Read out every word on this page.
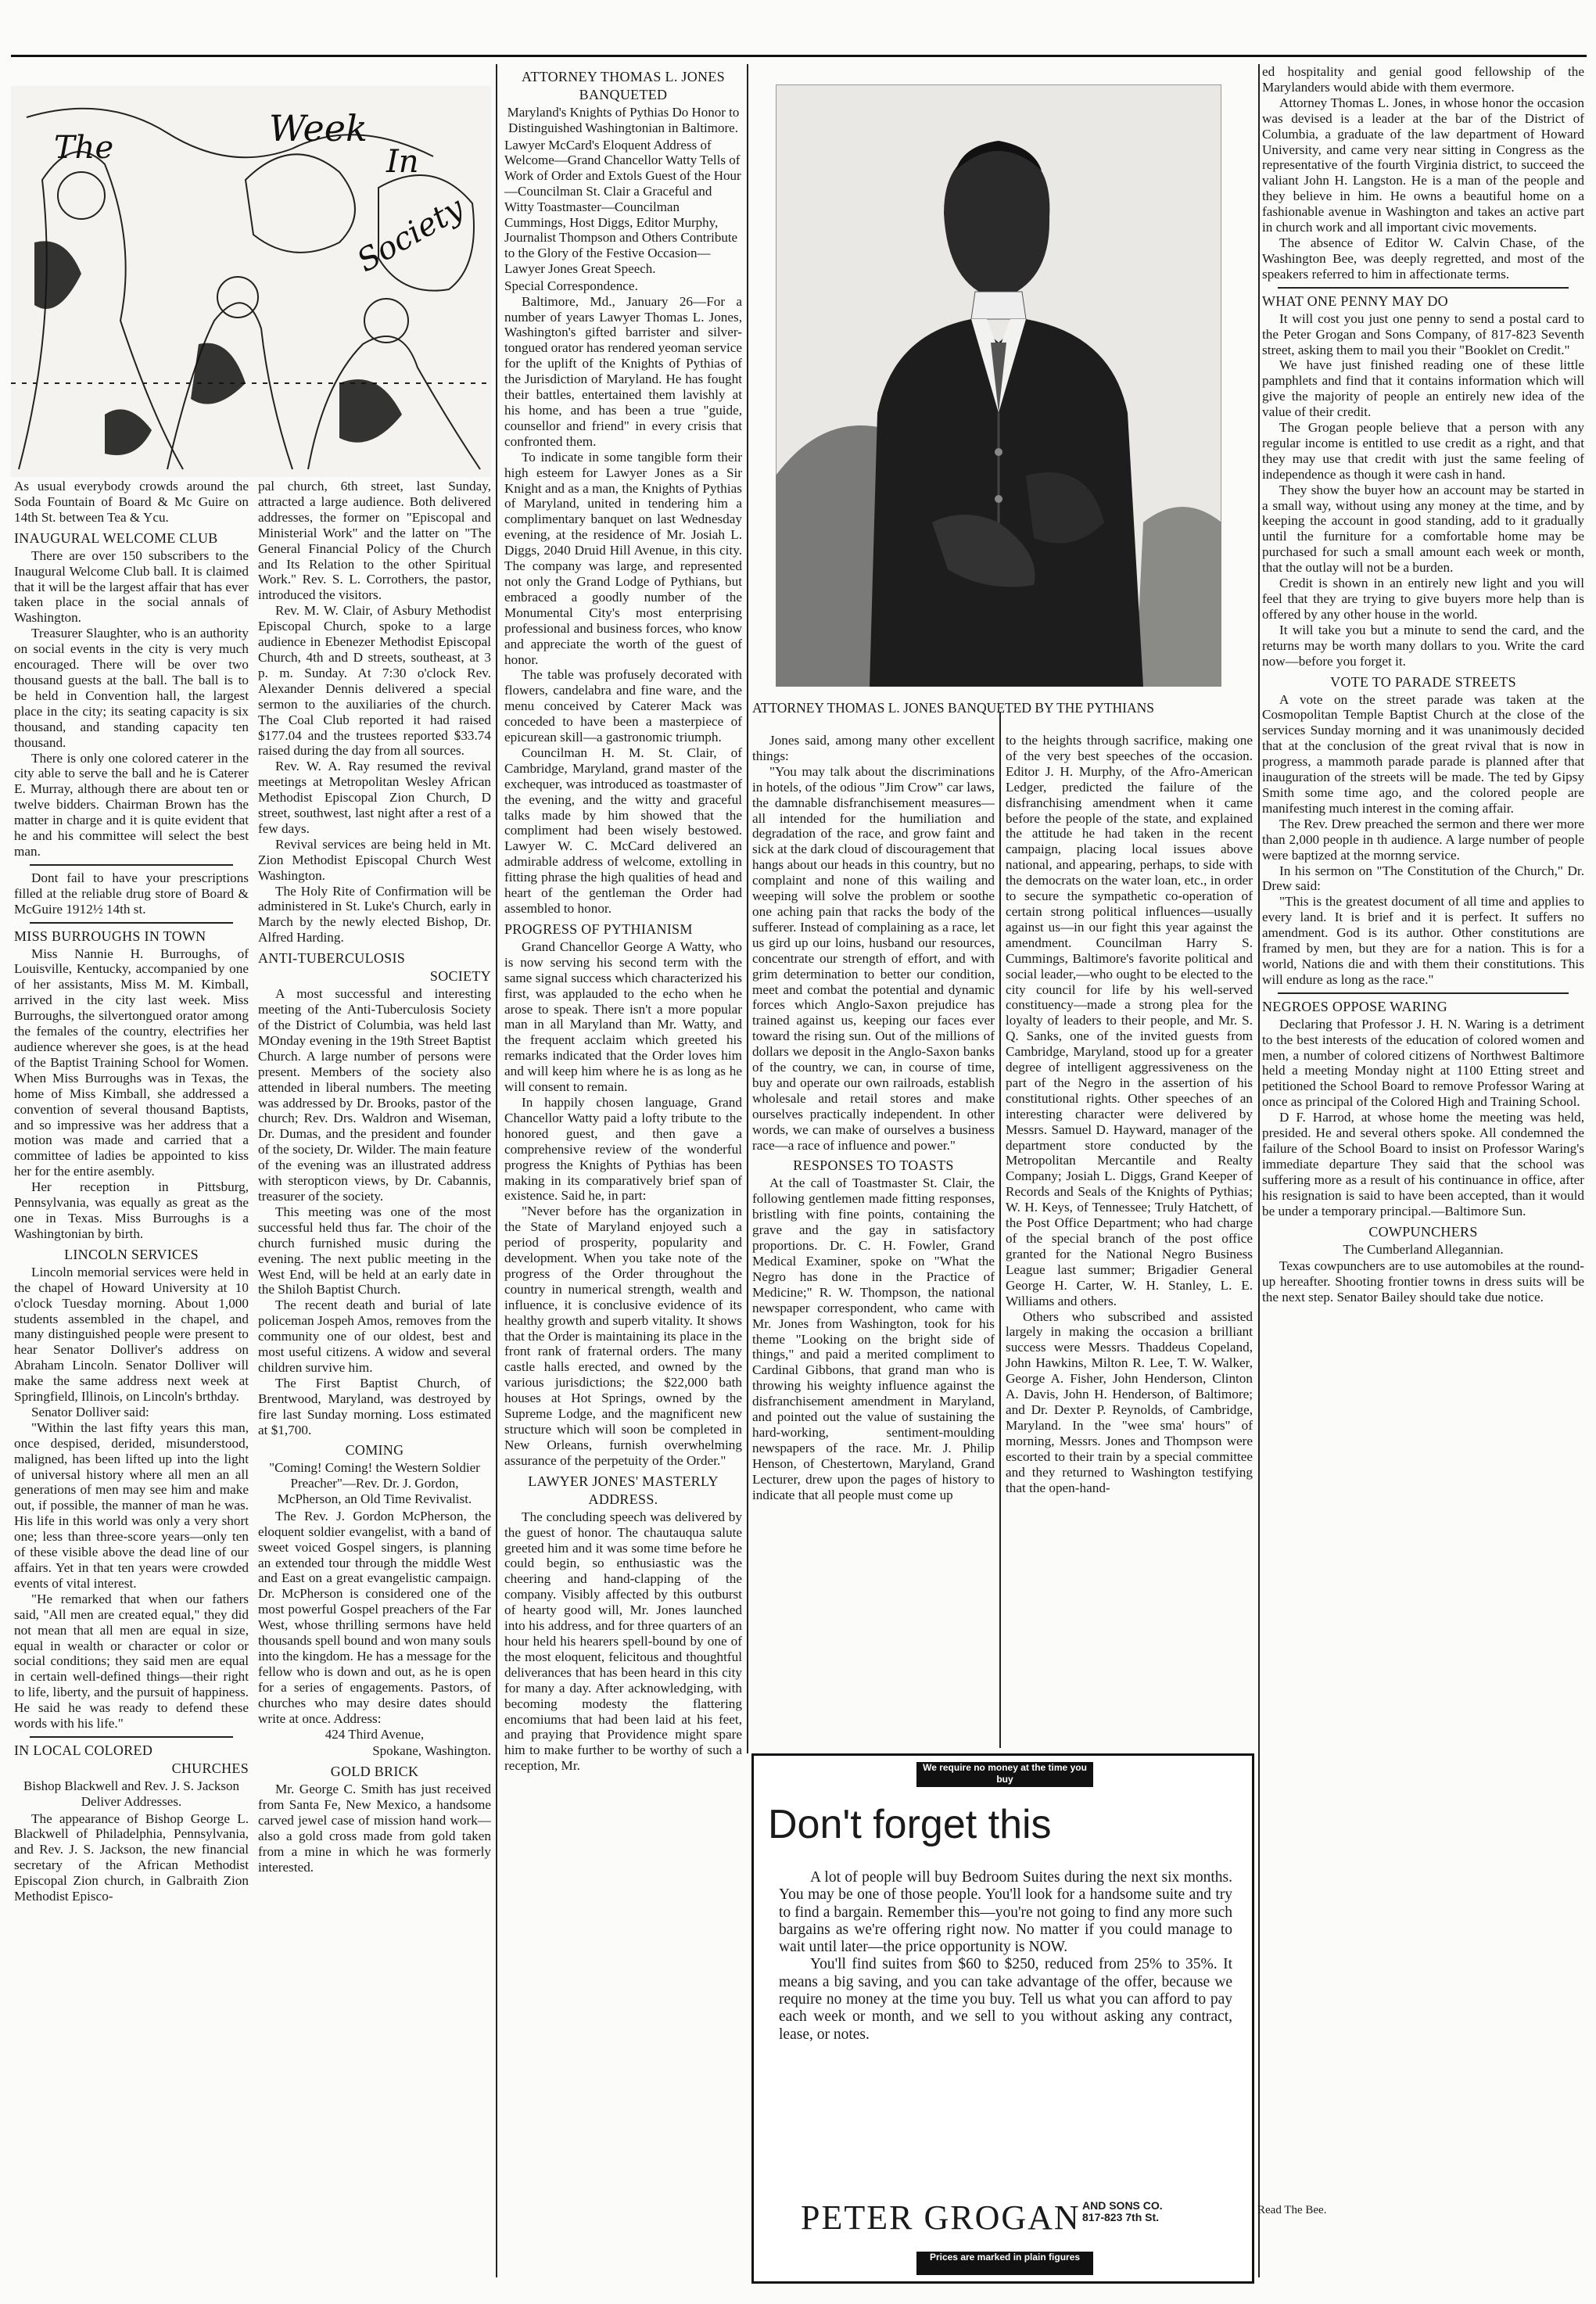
The	Week
In
Society

As usual everybody crowds around the Soda Fountain of Board & Mc Guire on 14th St. between Tea & Ycu.

INAUGURAL WELCOME CLUB

There are over 150 subscribers to the Inaugural Welcome Club ball. It is claimed that it will be the largest affair that has ever taken place in the social annals of Washington.

Treasurer Slaughter, who is an authority on social events in the city is very much encouraged. There will be over two thousand guests at the ball. The ball is to be held in Convention hall, the largest place in the city; its seating capacity is six thousand, and standing capacity ten thousand.

There is only one colored caterer in the city able to serve the ball and he is Caterer E. Murray, although there are about ten or twelve bidders. Chairman Brown has the matter in charge and it is quite evident that he and his committee will select the best man.

Dont fail to have your prescriptions filled at the reliable drug store of Board & McGuire 1912½ 14th st.

MISS BURROUGHS IN TOWN

Miss Nannie H. Burroughs, of Louisville, Kentucky, accompanied by one of her assistants, Miss M. M. Kimball, arrived in the city last week. Miss Burroughs, the silvertongued orator among the females of the country, electrifies her audience wherever she goes, is at the head of the Baptist Training School for Women. When Miss Burroughs was in Texas, the home of Miss Kimball, she addressed a convention of several thousand Baptists, and so impressive was her address that a motion was made and carried that a committee of ladies be appointed to kiss her for the entire asembly.

Her reception in Pittsburg, Pennsylvania, was equally as great as the one in Texas. Miss Burroughs is a Washingtonian by birth.

LINCOLN SERVICES

Lincoln memorial services were held in the chapel of Howard University at 10 o'clock Tuesday morning. About 1,000 students assembled in the chapel, and many distinguished people were present to hear Senator Dolliver's address on Abraham Lincoln. Senator Dolliver will make the same address next week at Springfield, Illinois, on Lincoln's brthday.

Senator Dolliver said:

"Within the last fifty years this man, once despised, derided, misunderstood, maligned, has been lifted up into the light of universal history where all men an all generations of men may see him and make out, if possible, the manner of man he was. His life in this world was only a very short one; less than three-score years—only ten of these visible above the dead line of our affairs. Yet in that ten years were crowded events of vital interest.

"He remarked that when our fathers said, "All men are created equal," they did not mean that all men are equal in size, equal in wealth or character or color or social conditions; they said men are equal in certain well-defined things—their right to life, liberty, and the pursuit of happiness. He said he was ready to defend these words with his life."

IN LOCAL COLORED
CHURCHES
Bishop Blackwell and Rev. J. S. Jackson Deliver Addresses.

The appearance of Bishop George L. Blackwell of Philadelphia, Pennsylvania, and Rev. J. S. Jackson, the new financial secretary of the African Methodist Episcopal Zion church, in Galbraith Zion Methodist Episco-

pal church, 6th street, last Sunday, attracted a large audience. Both delivered addresses, the former on "Episcopal and Ministerial Work" and the latter on "The General Financial Policy of the Church and Its Relation to the other Spiritual Work." Rev. S. L. Corrothers, the pastor, introduced the visitors.

Rev. M. W. Clair, of Asbury Methodist Episcopal Church, spoke to a large audience in Ebenezer Methodist Episcopal Church, 4th and D streets, southeast, at 3 p. m. Sunday. At 7:30 o'clock Rev. Alexander Dennis delivered a special sermon to the auxiliaries of the church. The Coal Club reported it had raised $177.04 and the trustees reported $33.74 raised during the day from all sources.

Rev. W. A. Ray resumed the revival meetings at Metropolitan Wesley African Methodist Episcopal Zion Church, D street, southwest, last night after a rest of a few days.

Revival services are being held in Mt. Zion Methodist Episcopal Church West Washington.

The Holy Rite of Confirmation will be administered in St. Luke's Church, early in March by the newly elected Bishop, Dr. Alfred Harding.

ANTI-TUBERCULOSIS
SOCIETY

A most successful and interesting meeting of the Anti-Tuberculosis Society of the District of Columbia, was held last MOnday evening in the 19th Street Baptist Church. A large number of persons were present. Members of the society also attended in liberal numbers. The meeting was addressed by Dr. Brooks, pastor of the church; Rev. Drs. Waldron and Wiseman, Dr. Dumas, and the president and founder of the society, Dr. Wilder. The main feature of the evening was an illustrated address with steropticon views, by Dr. Cabannis, treasurer of the society.

This meeting was one of the most successful held thus far. The choir of the church furnished music during the evening. The next public meeting in the West End, will be held at an early date in the Shiloh Baptist Church.

The recent death and burial of late policeman Jospeh Amos, removes from the community one of our oldest, best and most useful citizens. A widow and several children survive him.

The First Baptist Church, of Brentwood, Maryland, was destroyed by fire last Sunday morning. Loss estimated at $1,700.

COMING
"Coming! Coming! the Western Soldier Preacher"—Rev. Dr. J. Gordon, McPherson, an Old Time Revivalist.

The Rev. J. Gordon McPherson, the eloquent soldier evangelist, with a band of sweet voiced Gospel singers, is planning an extended tour through the middle West and East on a great evangelistic campaign. Dr. McPherson is considered one of the most powerful Gospel preachers of the Far West, whose thrilling sermons have held thousands spell bound and won many souls into the kingdom. He has a message for the fellow who is down and out, as he is open for a series of engagements. Pastors, of churches who may desire dates should write at once. Address:

424 Third Avenue,
Spokane, Washington.
GOLD BRICK

Mr. George C. Smith has just received from Santa Fe, New Mexico, a handsome carved jewel case of mission hand work—also a gold cross made from gold taken from a mine in which he was formerly interested.

ATTORNEY THOMAS L. JONES
BANQUETED
Maryland's Knights of Pythias Do Honor to Distinguished Washingtonian in Baltimore.
Lawyer McCard's Eloquent Address of Welcome—Grand Chancellor Watty Tells of Work of Order and Extols Guest of the Hour—Councilman St. Clair a Graceful and Witty Toastmaster—Councilman Cummings, Host Diggs, Editor Murphy, Journalist Thompson and Others Contribute to the Glory of the Festive Occasion—Lawyer Jones Great Speech.

Special Correspondence.

Baltimore, Md., January 26—For a number of years Lawyer Thomas L. Jones, Washington's gifted barrister and silver-tongued orator has rendered yeoman service for the uplift of the Knights of Pythias of the Jurisdiction of Maryland. He has fought their battles, entertained them lavishly at his home, and has been a true "guide, counsellor and friend" in every crisis that confronted them.

To indicate in some tangible form their high esteem for Lawyer Jones as a Sir Knight and as a man, the Knights of Pythias of Maryland, united in tendering him a complimentary banquet on last Wednesday evening, at the residence of Mr. Josiah L. Diggs, 2040 Druid Hill Avenue, in this city. The company was large, and represented not only the Grand Lodge of Pythians, but embraced a goodly number of the Monumental City's most enterprising professional and business forces, who know and appreciate the worth of the guest of honor.

The table was profusely decorated with flowers, candelabra and fine ware, and the menu conceived by Caterer Mack was conceded to have been a masterpiece of epicurean skill—a gastronomic triumph.

Councilman H. M. St. Clair, of Cambridge, Maryland, grand master of the exchequer, was introduced as toastmaster of the evening, and the witty and graceful talks made by him showed that the compliment had been wisely bestowed. Lawyer W. C. McCard delivered an admirable address of welcome, extolling in fitting phrase the high qualities of head and heart of the gentleman the Order had assembled to honor.

PROGRESS OF PYTHIANISM

Grand Chancellor George A Watty, who is now serving his second term with the same signal success which characterized his first, was applauded to the echo when he arose to speak. There isn't a more popular man in all Maryland than Mr. Watty, and the frequent acclaim which greeted his remarks indicated that the Order loves him and will keep him where he is as long as he will consent to remain.

In happily chosen language, Grand Chancellor Watty paid a lofty tribute to the honored guest, and then gave a comprehensive review of the wonderful progress the Knights of Pythias has been making in its comparatively brief span of existence. Said he, in part:

"Never before has the organization in the State of Maryland enjoyed such a period of prosperity, popularity and development. When you take note of the progress of the Order throughout the country in numerical strength, wealth and influence, it is conclusive evidence of its healthy growth and superb vitality. It shows that the Order is maintaining its place in the front rank of fraternal orders. The many castle halls erected, and owned by the various jurisdictions; the $22,000 bath houses at Hot Springs, owned by the Supreme Lodge, and the magnificent new structure which will soon be completed in New Orleans, furnish overwhelming assurance of the perpetuity of the Order."

LAWYER JONES' MASTERLY
ADDRESS.

The concluding speech was delivered by the guest of honor. The chautauqua salute greeted him and it was some time before he could begin, so enthusiastic was the cheering and hand-clapping of the company. Visibly affected by this outburst of hearty good will, Mr. Jones launched into his address, and for three quarters of an hour held his hearers spell-bound by one of the most eloquent, felicitous and thoughtful deliverances that has been heard in this city for many a day. After acknowledging, with becoming modesty the flattering encomiums that had been laid at his feet, and praying that Providence might spare him to make further to be worthy of such a reception, Mr.

ATTORNEY THOMAS L. JONES BANQUETED BY THE PYTHIANS

Jones said, among many other excellent things:

"You may talk about the discriminations in hotels, of the odious "Jim Crow" car laws, the damnable disfranchisement measures—all intended for the humiliation and degradation of the race, and grow faint and sick at the dark cloud of discouragement that hangs about our heads in this country, but no complaint and none of this wailing and weeping will solve the problem or soothe one aching pain that racks the body of the sufferer. Instead of complaining as a race, let us gird up our loins, husband our resources, concentrate our strength of effort, and with grim determination to better our condition, meet and combat the potential and dynamic forces which Anglo-Saxon prejudice has trained against us, keeping our faces ever toward the rising sun. Out of the millions of dollars we deposit in the Anglo-Saxon banks of the country, we can, in course of time, buy and operate our own railroads, establish wholesale and retail stores and make ourselves practically independent. In other words, we can make of ourselves a business race—a race of influence and power."

RESPONSES TO TOASTS

At the call of Toastmaster St. Clair, the following gentlemen made fitting responses, bristling with fine points, containing the grave and the gay in satisfactory proportions. Dr. C. H. Fowler, Grand Medical Examiner, spoke on "What the Negro has done in the Practice of Medicine;" R. W. Thompson, the national newspaper correspondent, who came with Mr. Jones from Washington, took for his theme "Looking on the bright side of things," and paid a merited compliment to Cardinal Gibbons, that grand man who is throwing his weighty influence against the disfranchisement amendment in Maryland, and pointed out the value of sustaining the hard-working, sentiment-moulding newspapers of the race. Mr. J. Philip Henson, of Chestertown, Maryland, Grand Lecturer, drew upon the pages of history to indicate that all people must come up

to the heights through sacrifice, making one of the very best speeches of the occasion. Editor J. H. Murphy, of the Afro-American Ledger, predicted the failure of the disfranchising amendment when it came before the people of the state, and explained the attitude he had taken in the recent campaign, placing local issues above national, and appearing, perhaps, to side with the democrats on the water loan, etc., in order to secure the sympathetic co-operation of certain strong political influences—usually against us—in our fight this year against the amendment. Councilman Harry S. Cummings, Baltimore's favorite political and social leader,—who ought to be elected to the city council for life by his well-served constituency—made a strong plea for the loyalty of leaders to their people, and Mr. S. Q. Sanks, one of the invited guests from Cambridge, Maryland, stood up for a greater degree of intelligent aggressiveness on the part of the Negro in the assertion of his constitutional rights. Other speeches of an interesting character were delivered by Messrs. Samuel D. Hayward, manager of the department store conducted by the Metropolitan Mercantile and Realty Company; Josiah L. Diggs, Grand Keeper of Records and Seals of the Knights of Pythias; W. H. Keys, of Tennessee; Truly Hatchett, of the Post Office Department; who had charge of the special branch of the post office granted for the National Negro Business League last summer; Brigadier General George H. Carter, W. H. Stanley, L. E. Williams and others.

Others who subscribed and assisted largely in making the occasion a brilliant success were Messrs. Thaddeus Copeland, John Hawkins, Milton R. Lee, T. W. Walker, George A. Fisher, John Henderson, Clinton A. Davis, John H. Henderson, of Baltimore; and Dr. Dexter P. Reynolds, of Cambridge, Maryland. In the "wee sma' hours" of morning, Messrs. Jones and Thompson were escorted to their train by a special committee and they returned to Washington testifying that the open-hand-

We require no money at the time you buy
Don't forget this

A lot of people will buy Bedroom Suites during the next six months. You may be one of those people. You'll look for a handsome suite and try to find a bargain. Remember this—you're not going to find any more such bargains as we're offering right now. No matter if you could manage to wait until later—the price opportunity is NOW.

You'll find suites from $60 to $250, reduced from 25% to 35%. It means a big saving, and you can take advantage of the offer, because we require no money at the time you buy. Tell us what you can afford to pay each week or month, and we sell to you without asking any contract, lease, or notes.

PETER GROGAN AND SONS CO.
817-823 7th St.
Prices are marked in plain figures

ed hospitality and genial good fellowship of the Marylanders would abide with them evermore.

Attorney Thomas L. Jones, in whose honor the occasion was devised is a leader at the bar of the District of Columbia, a graduate of the law department of Howard University, and came very near sitting in Congress as the representative of the fourth Virginia district, to succeed the valiant John H. Langston. He is a man of the people and they believe in him. He owns a beautiful home on a fashionable avenue in Washington and takes an active part in church work and all important civic movements.

The absence of Editor W. Calvin Chase, of the Washington Bee, was deeply regretted, and most of the speakers referred to him in affectionate terms.

WHAT ONE PENNY MAY DO

It will cost you just one penny to send a postal card to the Peter Grogan and Sons Company, of 817-823 Seventh street, asking them to mail you their "Booklet on Credit."

We have just finished reading one of these little pamphlets and find that it contains information which will give the majority of people an entirely new idea of the value of their credit.

The Grogan people believe that a person with any regular income is entitled to use credit as a right, and that they may use that credit with just the same feeling of independence as though it were cash in hand.

They show the buyer how an account may be started in a small way, without using any money at the time, and by keeping the account in good standing, add to it gradually until the furniture for a comfortable home may be purchased for such a small amount each week or month, that the outlay will not be a burden.

Credit is shown in an entirely new light and you will feel that they are trying to give buyers more help than is offered by any other house in the world.

It will take you but a minute to send the card, and the returns may be worth many dollars to you. Write the card now—before you forget it.

VOTE TO PARADE STREETS

A vote on the street parade was taken at the Cosmopolitan Temple Baptist Church at the close of the services Sunday morning and it was unanimously decided that at the conclusion of the great rvival that is now in progress, a mammoth parade parade is planned after that inauguration of the streets will be made. The ted by Gipsy Smith some time ago, and the colored people are manifesting much interest in the coming affair.

The Rev. Drew preached the sermon and there wer more than 2,000 people in th audience. A large number of people were baptized at the mornng service.

In his sermon on "The Constitution of the Church," Dr. Drew said:

"This is the greatest document of all time and applies to every land. It is brief and it is perfect. It suffers no amendment. God is its author. Other constitutions are framed by men, but they are for a nation. This is for a world, Nations die and with them their constitutions. This will endure as long as the race."

NEGROES OPPOSE WARING

Declaring that Professor J. H. N. Waring is a detriment to the best interests of the education of colored women and men, a number of colored citizens of Northwest Baltimore held a meeting Monday night at 1100 Etting street and petitioned the School Board to remove Professor Waring at once as principal of the Colored High and Training School.

D F. Harrod, at whose home the meeting was held, presided. He and several others spoke. All condemned the failure of the School Board to insist on Professor Waring's immediate departure They said that the school was suffering more as a result of his continuance in office, after his resignation is said to have been accepted, than it would be under a temporary principal.—Baltimore Sun.

COWPUNCHERS
The Cumberland Allegannian.

Texas cowpunchers are to use automobiles at the round-up hereafter. Shooting frontier towns in dress suits will be the next step. Senator Bailey should take due notice.

Read The Bee.
